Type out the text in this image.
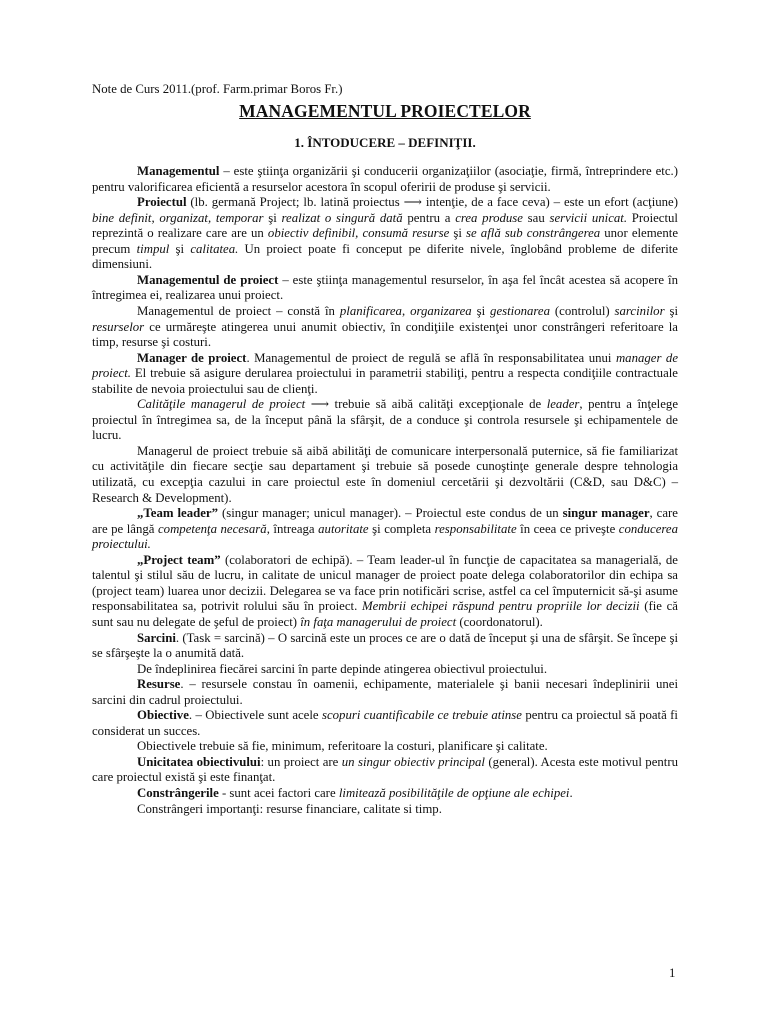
Note de Curs 2011.(prof. Farm.primar Boros Fr.)

MANAGEMENTUL PROIECTELOR
1. ÎNTODUCERE – DEFINIŢII.

Managementul – este ştiinţa organizării şi conducerii organizaţiilor (asociaţie, firmă, întreprindere etc.) pentru valorificarea eficientă a resurselor acestora în scopul oferirii de produse şi servicii.

Proiectul (lb. germană Project; lb. latină proiectus ⟶ intenţie, de a face ceva) – este un efort (acţiune) bine definit, organizat, temporar şi realizat o singură dată pentru a crea produse sau servicii unicat. Proiectul reprezintă o realizare care are un obiectiv definibil, consumă resurse şi se află sub constrângerea unor elemente precum timpul şi calitatea. Un proiect poate fi conceput pe diferite nivele, înglobând probleme de diferite dimensiuni.

Managementul de proiect – este ştiinţa managementul resurselor, în aşa fel încât acestea să acopere în întregimea ei, realizarea unui proiect.

Managementul de proiect – constă în planificarea, organizarea şi gestionarea (controlul) sarcinilor şi resurselor ce urmăreşte atingerea unui anumit obiectiv, în condiţiile existenţei unor constrângeri referitoare la timp, resurse şi costuri.

Manager de proiect. Managementul de proiect de regulă se află în responsabilitatea unui manager de proiect. El trebuie să asigure derularea proiectului in parametrii stabiliţi, pentru a respecta condiţiile contractuale stabilite de nevoia proiectului sau de clienţi.

Calităţile managerul de proiect ⟶ trebuie să aibă calităţi excepţionale de leader, pentru a înţelege proiectul în întregimea sa, de la început până la sfârşit, de a conduce şi controla resursele şi echipamentele de lucru.

Managerul de proiect trebuie să aibă abilităţi de comunicare interpersonală puternice, să fie familiarizat cu activităţile din fiecare secţie sau departament şi trebuie să posede cunoştinţe generale despre tehnologia utilizată, cu excepţia cazului in care proiectul este în domeniul cercetării şi dezvoltării (C&D, sau D&C) – Research & Development).

„Team leader” (singur manager; unicul manager). – Proiectul este condus de un singur manager, care are pe lângă competenţa necesară, întreaga autoritate şi completa responsabilitate în ceea ce priveşte conducerea proiectului.

„Project team” (colaboratori de echipă). – Team leader-ul în funcţie de capacitatea sa managerială, de talentul şi stilul său de lucru, in calitate de unicul manager de proiect poate delega colaboratorilor din echipa sa (project team) luarea unor decizii. Delegarea se va face prin notificări scrise, astfel ca cel împuternicit să-şi asume responsabilitatea sa, potrivit rolului său în proiect. Membrii echipei răspund pentru propriile lor decizii (fie că sunt sau nu delegate de şeful de proiect) în faţa managerului de proiect (coordonatorul).

Sarcini. (Task = sarcină) – O sarcină este un proces ce are o dată de început şi una de sfârşit. Se începe şi se sfârşeşte la o anumită dată.

De îndeplinirea fiecărei sarcini în parte depinde atingerea obiectivul proiectului.

Resurse. – resursele constau în oamenii, echipamente, materialele şi banii necesari îndeplinirii unei sarcini din cadrul proiectului.

Obiective. – Obiectivele sunt acele scopuri cuantificabile ce trebuie atinse pentru ca proiectul să poată fi considerat un succes.

Obiectivele trebuie să fie, minimum, referitoare la costuri, planificare şi calitate.

Unicitatea obiectivului: un proiect are un singur obiectiv principal (general). Acesta este motivul pentru care proiectul există şi este finanţat.

Constrângerile - sunt acei factori care limitează posibilităţile de opţiune ale echipei.

Constrângeri importanţi: resurse financiare, calitate si timp.

1
